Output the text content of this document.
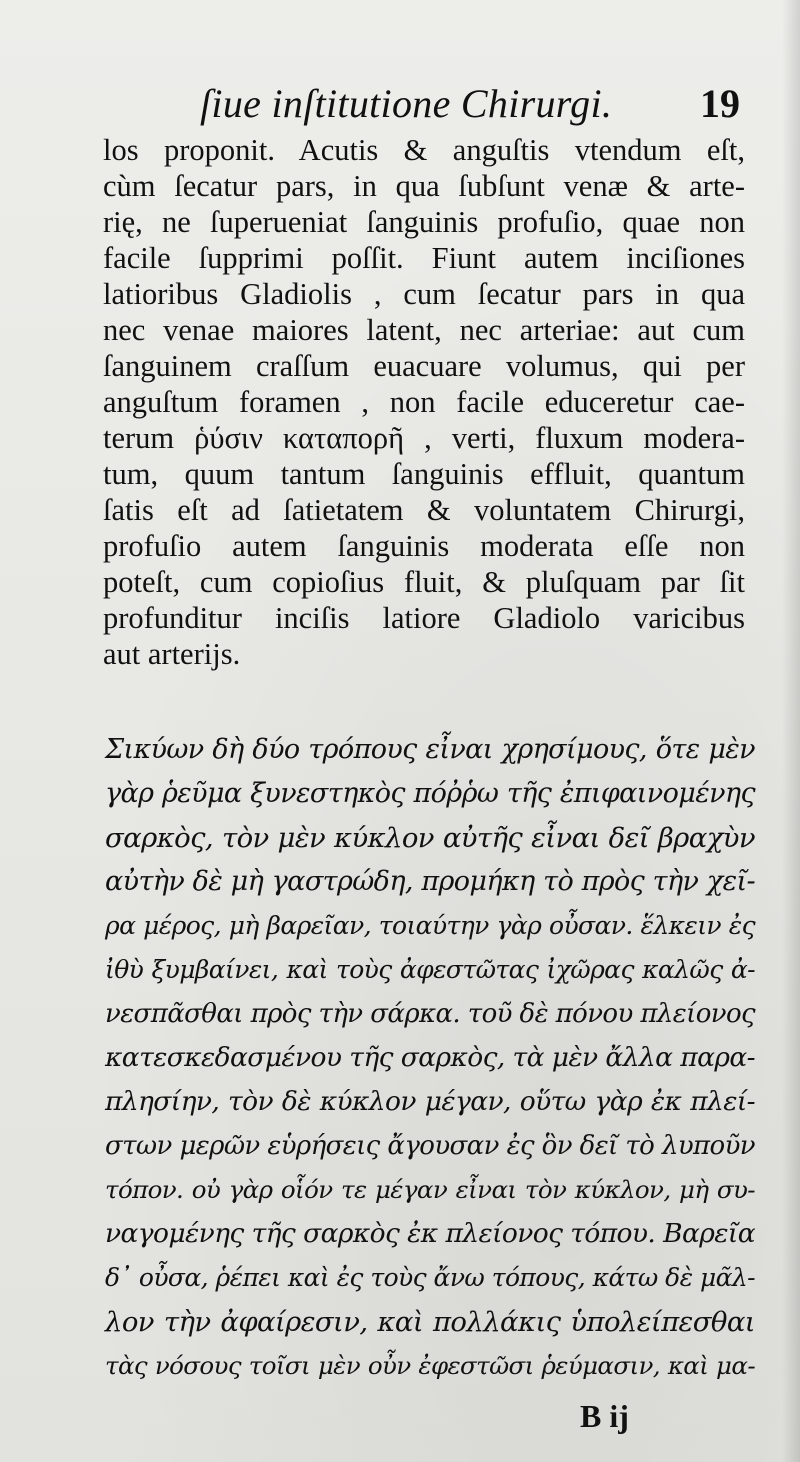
ſiue inſtitutione Chirurgi. 19
los proponit. Acutis & anguſtis vtendum eſt,
cùm ſecatur pars, in qua ſubſunt venæ & arte-
rię, ne ſuperueniat ſanguinis profuſio, quae non
facile ſupprimi poſſit. Fiunt autem inciſiones
latioribus Gladiolis , cum ſecatur pars in qua
nec venae maiores latent, nec arteriae: aut cum
ſanguinem craſſum euacuare volumus, qui per
anguſtum foramen , non facile educeretur cae-
terum ῥύσιν καταπορῆ , verti, fluxum modera-
tum, quum tantum ſanguinis effluit, quantum
ſatis eſt ad ſatietatem & voluntatem Chirurgi,
profuſio autem ſanguinis moderata eſſe non
poteſt, cum copioſius fluit, & pluſquam par ſit
profunditur inciſis latiore Gladiolo varicibus
aut arterijs.
Σικύων δὴ δύο τρόπους εἶναι χρησίμους, ὅτε μὲν
γὰρ ῥεῦμα ξυνεστηκὸς πόῤῥω τῆς ἐπιφαινομένης
σαρκὸς, τὸν μὲν κύκλον αὐτῆς εἶναι δεῖ βραχὺν
αὐτὴν δὲ μὴ γαστρώδη, προμήκη τὸ πρὸς τὴν χεῖ-
ρα μέρος, μὴ βαρεῖαν, τοιαύτην γὰρ οὖσαν. ἕλκειν ἐς
ἰθὺ ξυμβαίνει, καὶ τοὺς ἀφεστῶτας ἰχῶρας καλῶς ἀ-
νεσπᾶσθαι πρὸς τὴν σάρκα. τοῦ δὲ πόνου πλείονος
κατεσκεδασμένου τῆς σαρκὸς, τὰ μὲν ἄλλα παρα-
πλησίην, τὸν δὲ κύκλον μέγαν, οὕτω γὰρ ἐκ πλεί-
στων μερῶν εὑρήσεις ἄγουσαν ἐς ὃν δεῖ τὸ λυποῦν
τόπον. οὐ γὰρ οἷόν τε μέγαν εἶναι τὸν κύκλον, μὴ συ-
ναγομένης τῆς σαρκὸς ἐκ πλείονος τόπου. Βαρεῖα
δ᾽ οὖσα, ῥέπει καὶ ἐς τοὺς ἄνω τόπους, κάτω δὲ μᾶλ-
λον τὴν ἀφαίρεσιν, καὶ πολλάκις ὑπολείπεσθαι
τὰς νόσους τοῖσι μὲν οὖν ἐφεστῶσι ῥεύμασιν, καὶ μα-
B ij
